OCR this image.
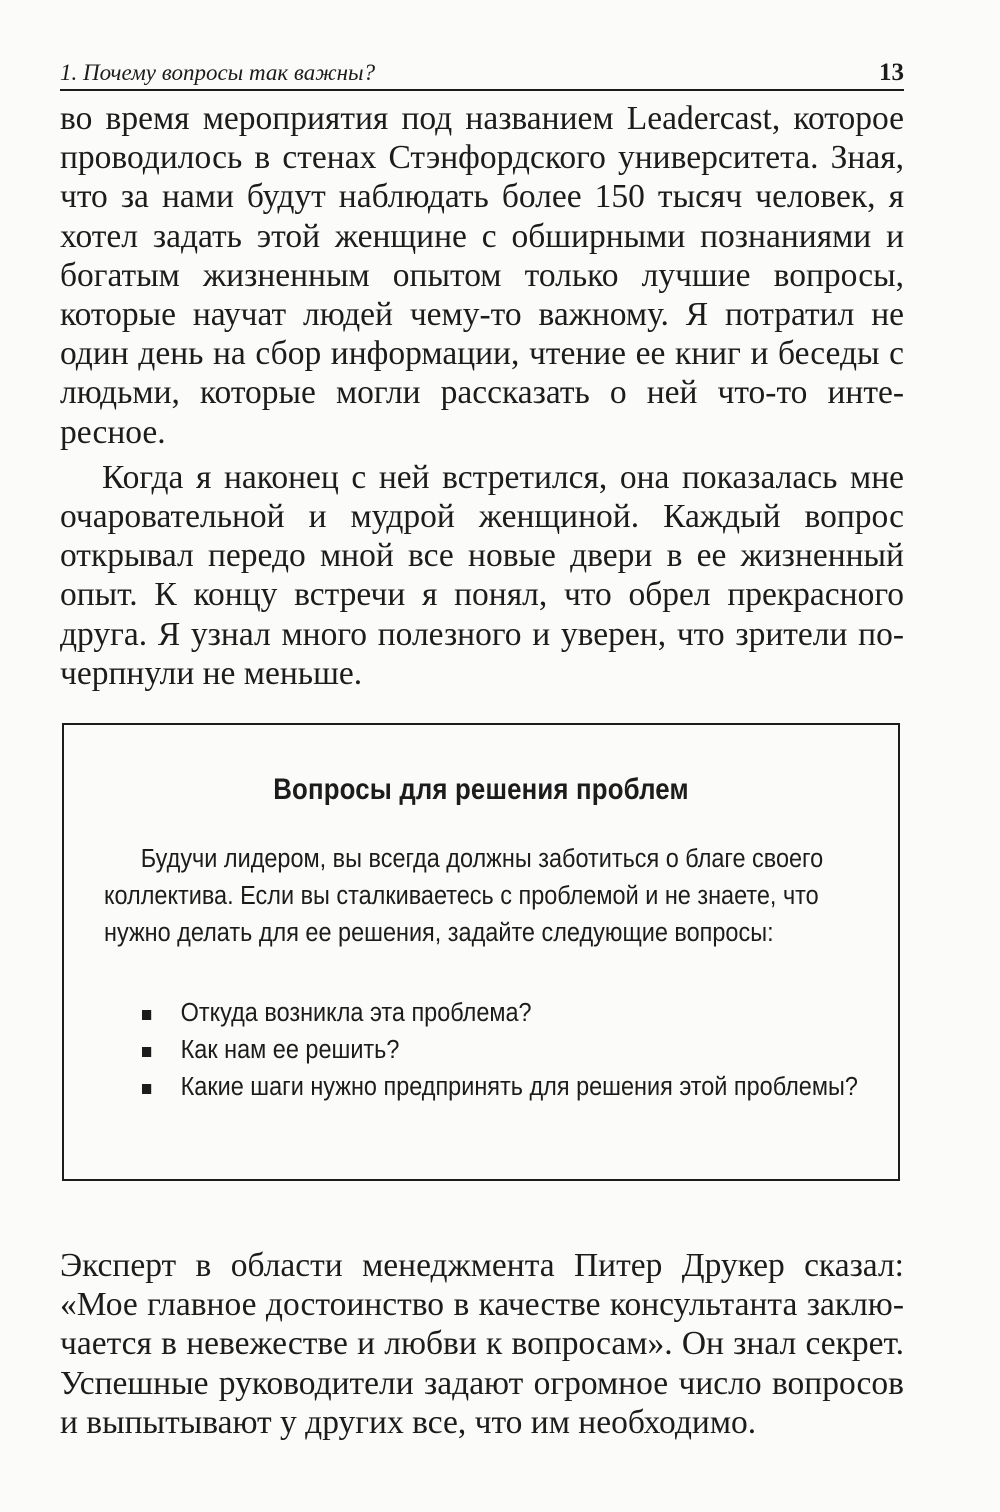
1. Почему вопросы так важны?	13

во время мероприятия под названием Leadercast, которое проводилось в стенах Стэнфордского университета. Зная, что за нами будут наблюдать более 150 тысяч человек, я хотел задать этой женщине с обширными познаниями и богатым жизненным опытом только лучшие вопросы, которые научат людей чему-то важному. Я потратил не один день на сбор информации, чтение ее книг и беседы с людьми, которые могли рассказать о ней что-то интересное.

Когда я наконец с ней встретился, она показалась мне очаровательной и мудрой женщиной. Каждый вопрос открывал передо мной все новые двери в ее жизненный опыт. К концу встречи я понял, что обрел прекрасного друга. Я узнал много полезного и уверен, что зрители почерпнули не меньше.

Вопросы для решения проблем
Будучи лидером, вы всегда должны заботиться о благе своего
коллектива. Если вы сталкиваетесь с проблемой и не знаете, что
нужно делать для ее решения, задайте следующие вопросы:
Откуда возникла эта проблема?
Как нам ее решить?
Какие шаги нужно предпринять для решения этой проблемы?

Эксперт в области менеджмента Питер Друкер сказал: «Мое главное достоинство в качестве консультанта заключается в невежестве и любви к вопросам». Он знал секрет. Успешные руководители задают огромное число вопросов и выпытывают у других все, что им необходимо.
